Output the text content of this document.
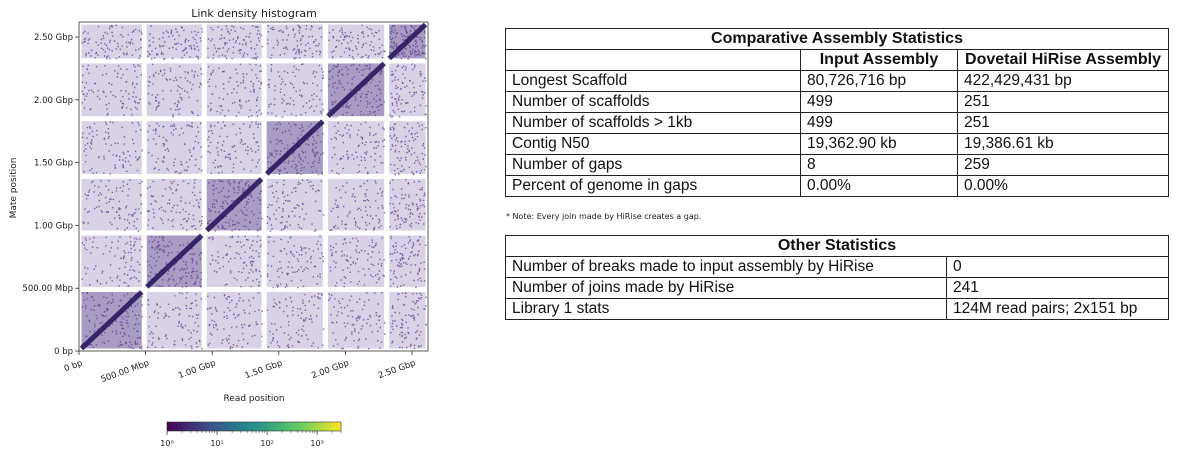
Link density histogram
0 bp 500.00 Mbp	1.00 Gbp	1.50 Gbp	2.00 Gbp	2.50 Gbp
0 bp
500.00 Mbp
1.00 Gbp
1.50 Gbp
2.00 Gbp
2.50 Gbp
Read position
Mate position
10⁰	10¹	10²	10³
Comparative Assembly Statistics		
	Input Assembly	Dovetail HiRise Assembly
Longest Scaffold	80,726,716 bp	422,429,431 bp
Number of scaffolds	499	251
Number of scaffolds > 1kb	499	251
Contig N50	19,362.90 kb	19,386.61 kb
Number of gaps	8	259
Percent of genome in gaps	0.00%	0.00%
* Note: Every join made by HiRise creates a gap.
Other Statistics	
Number of breaks made to input assembly by HiRise	0
Number of joins made by HiRise	241
Library 1 stats	124M read pairs; 2x151 bp
